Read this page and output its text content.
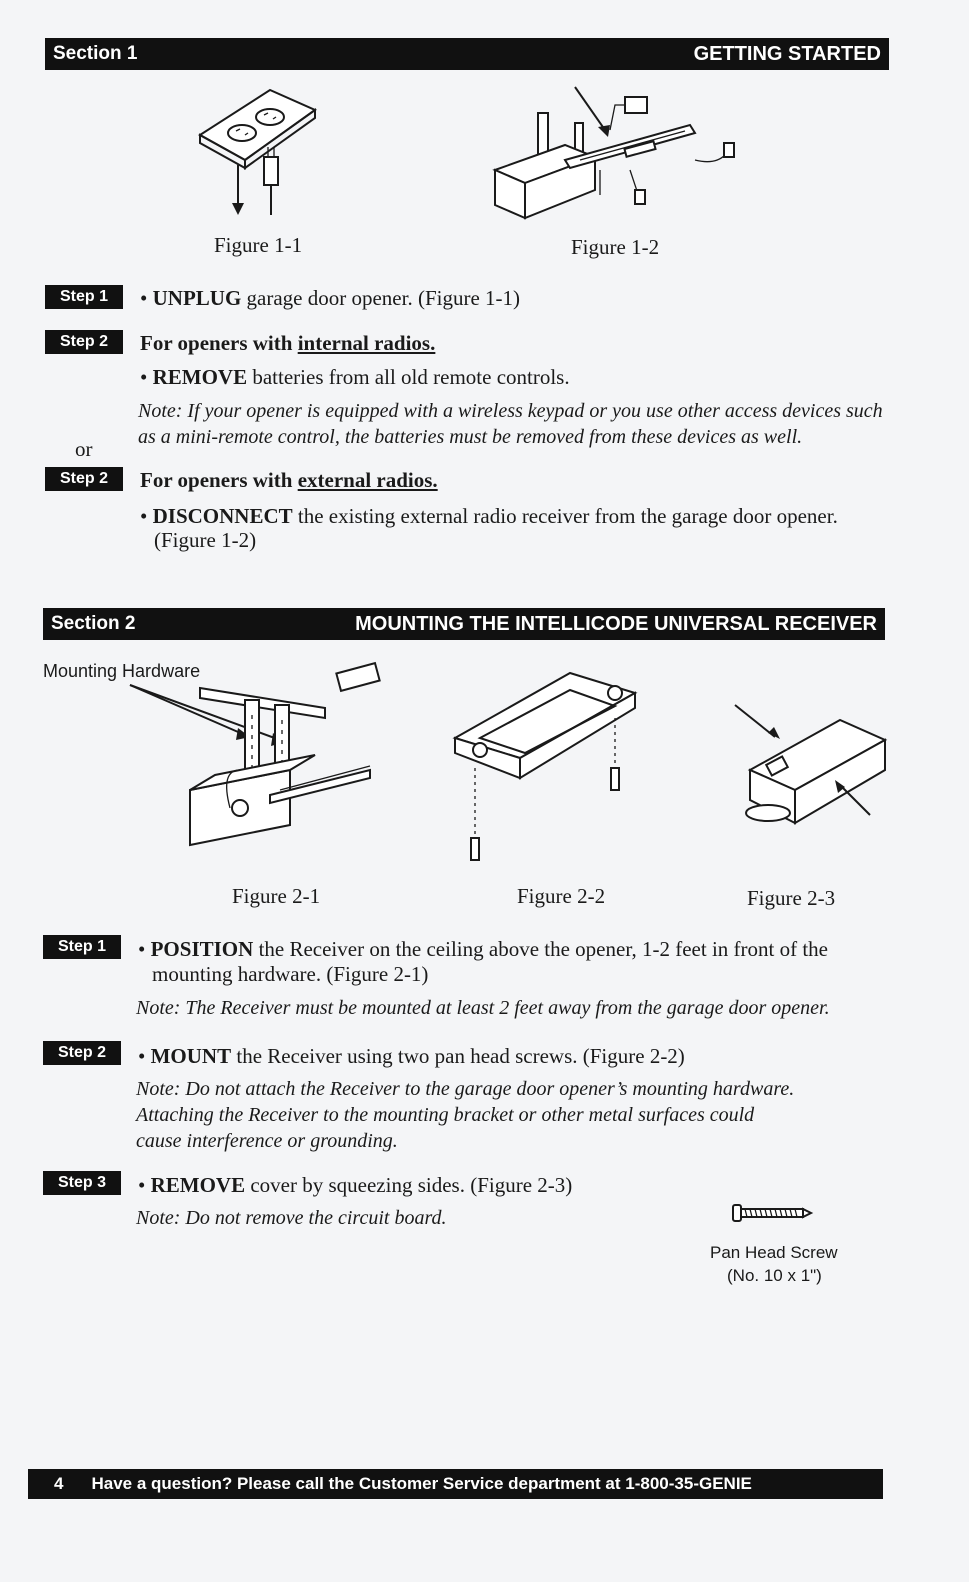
Section 1	GETTING STARTED
Figure 1-1	Figure 1-2
Step 1	• UNPLUG garage door opener. (Figure 1-1)
Step 2	For openers with internal radios.
• REMOVE batteries from all old remote controls.
Note: If your opener is equipped with a wireless keypad or you use other access devices such
as a mini-remote control, the batteries must be removed from these devices as well.
or
Step 2	For openers with external radios.
• DISCONNECT the existing external radio receiver from the garage door opener.
(Figure 1-2)
Section 2	MOUNTING THE INTELLICODE UNIVERSAL RECEIVER
Mounting Hardware
Figure 2-1	Figure 2-2	Figure 2-3
Step 1	• POSITION the Receiver on the ceiling above the opener, 1-2 feet in front of the
mounting hardware. (Figure 2-1)
Note: The Receiver must be mounted at least 2 feet away from the garage door opener.
Step 2	• MOUNT the Receiver using two pan head screws. (Figure 2-2)
Note: Do not attach the Receiver to the garage door opener’s mounting hardware.
Attaching the Receiver to the mounting bracket or other metal surfaces could
cause interference or grounding.
Step 3	• REMOVE cover by squeezing sides. (Figure 2-3)
Note: Do not remove the circuit board.
Pan Head Screw
(No. 10 x 1")
4 Have a question? Please call the Customer Service department at 1-800-35-GENIE
